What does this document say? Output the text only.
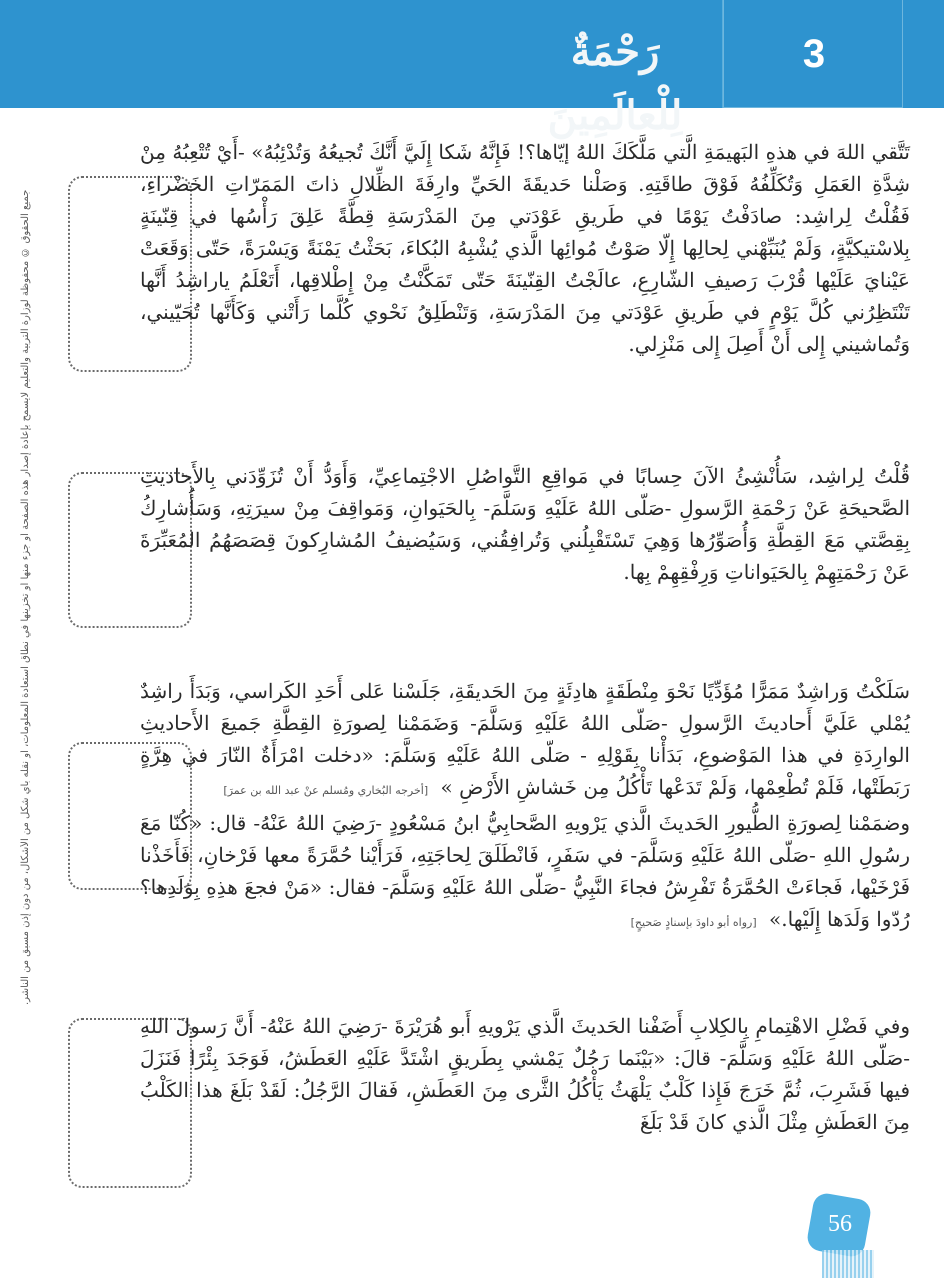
3
رَحْمَةٌ لِلْعالَمِينَ
جميع الحقوق © محفوظة لوزارة التربية والتعليم لايسمح بإعادة إصدار هذه الصفحة أو جزء منها أو تخزينها في نطاق استعادة المعلومات، أو نقله بأي شكل من الأشكال، من دون إذن مسبق من الناشر.
تَتَّقي اللهَ في هذهِ البَهيمَةِ الَّتي مَلَّكَكَ اللهُ إيّاها؟! فَإِنَّهُ شَكا إِلَيَّ أَنَّكَ تُجيعُهُ وَتُدْئِبُهُ» -أَيْ تُتْعِبُهُ مِنْ شِدَّةِ العَمَلِ وَتُكَلِّفُهُ فَوْقَ طاقَتِهِ. وَصَلْنا حَديقَةَ الحَيِّ وارِفَةَ الظِّلالِ ذاتَ المَمَرّاتِ الخَضْراءِ، فَقُلْتُ لِراشِد: صادَفْتُ يَوْمًا في طَريقِ عَوْدَتي مِنَ المَدْرَسَةِ قِطَّةً عَلِقَ رَأْسُها في قِنّينَةٍ بِلاسْتيكيَّةٍ، وَلَمْ يُنَبِّهْني لِحالِها إِلّا صَوْتُ مُوائِها الَّذي يُشْبِهُ البُكاءَ، بَحَثْتُ يَمْنَةً وَيَسْرَةً، حَتّى وَقَعَتْ عَيْنايَ عَلَيْها قُرْبَ رَصيفِ الشّارِعِ، عالَجْتُ القِنّينَةَ حَتّى تَمَكَّنْتُ مِنْ إِطْلاقِها، أَتَعْلَمُ ياراشِدُ أَنَّها تَنْتَظِرُني كُلَّ يَوْمٍ في طَريقِ عَوْدَتي مِنَ المَدْرَسَةِ، وَتَنْطَلِقُ نَحْوي كُلَّما رَأَتْني وَكَأَنَّها تُحَيّيني، وَتُماشيني إِلى أَنْ أَصِلَ إِلى مَنْزِلي.
قُلْتُ لِراشِد، سَأُنْشِئُ الآنَ حِسابًا في مَواقِعِ التَّواصُلِ الاجْتِماعِيِّ، وَأَوَدُّ أَنْ تُزَوِّدَني بِالأَحاديثِ الصَّحيحَةِ عَنْ رَحْمَةِ الرَّسولِ -صَلّى اللهُ عَلَيْهِ وَسَلَّمَ- بِالحَيَوانِ، وَمَواقِفَ مِنْ سيرَتِهِ، وَسَأُشارِكُ بِقِصَّتي مَعَ القِطَّةِ وَأُصَوِّرُها وَهِيَ تَسْتَقْبِلُني وَتُرافِقُني، وَسَيُضيفُ المُشارِكونَ قِصَصَهُمُ المُعَبِّرَةَ عَنْ رَحْمَتِهِمْ بِالحَيَواناتِ وَرِفْقِهِمْ بِها.
سَلَكْتُ وَراشِدٌ مَمَرًّا مُؤَدِّيًا نَحْوَ مِنْطَقَةٍ هادِئَةٍ مِنَ الحَديقَةِ، جَلَسْنا عَلى أَحَدِ الكَراسي، وَبَدَأَ راشِدٌ يُمْلي عَلَيَّ أَحاديثَ الرَّسولِ -صَلّى اللهُ عَلَيْهِ وَسَلَّمَ- وَضَمَمْنا لِصورَةِ القِطَّةِ جَميعَ الأَحاديثِ الوارِدَةِ في هذا المَوْضوعِ، بَدَأْنا بِقَوْلِهِ - صَلّى اللهُ عَلَيْهِ وَسَلَّمَ: «دخلت امْرَأَةٌ النّارَ في هِرَّةٍ رَبَطَتْها، فَلَمْ تُطْعِمْها، وَلَمْ تَدَعْها تَأْكُلُ مِن خَشاشِ الأَرْضِ » [أخرجه البُخاري ومُسلم عنْ عبد الله بن عمرَ]
وضمَمْنا لِصورَةِ الطُّيورِ الحَديثَ الَّذي يَرْويهِ الصَّحابِيُّ ابنُ مَسْعُودٍ -رَضِيَ اللهُ عَنْهُ- قال: «كُنّا مَعَ رسُولِ اللهِ -صَلّى اللهُ عَلَيْهِ وَسَلَّمَ- في سَفَرٍ، فَانْطَلَقَ لِحاجَتِهِ، فَرَأَيْنا حُمَّرَةً معها فَرْخانِ، فَأَخَذْنا فَرْخَيْها، فَجاءَتْ الحُمَّرَةُ تَفْرِشُ فجاءَ النَّبِيُّ -صَلّى اللهُ عَلَيْهِ وَسَلَّمَ- فقال: «مَنْ فجعَ هذِهِ بِوَلَدِها؟ رُدّوا وَلَدَها إِلَيْها.» [رواه أبو داودَ بإسنادٍ صَحيحٍ]
وفي فَضْلِ الاهْتِمامِ بِالكِلابِ أَضَفْنا الحَديثَ الَّذي يَرْويهِ أَبو هُرَيْرَةَ -رَضِيَ اللهُ عَنْهُ- أَنَّ رَسولَ اللهِ -صَلّى اللهُ عَلَيْهِ وَسَلَّمَ- قالَ: «بَيْنَما رَجُلٌ يَمْشي بِطَريقٍ اشْتَدَّ عَلَيْهِ العَطَشُ، فَوَجَدَ بِئْرًا فَنَزَلَ فيها فَشَرِبَ، ثُمَّ خَرَجَ فَإِذا كَلْبٌ يَلْهَثُ يَأْكُلُ الثَّرى مِنَ العَطَشِ، فَقالَ الرَّجُلُ: لَقَدْ بَلَغَ هذا الكَلْبُ مِنَ العَطَشِ مِثْلَ الَّذي كانَ قَدْ بَلَغَ
56
